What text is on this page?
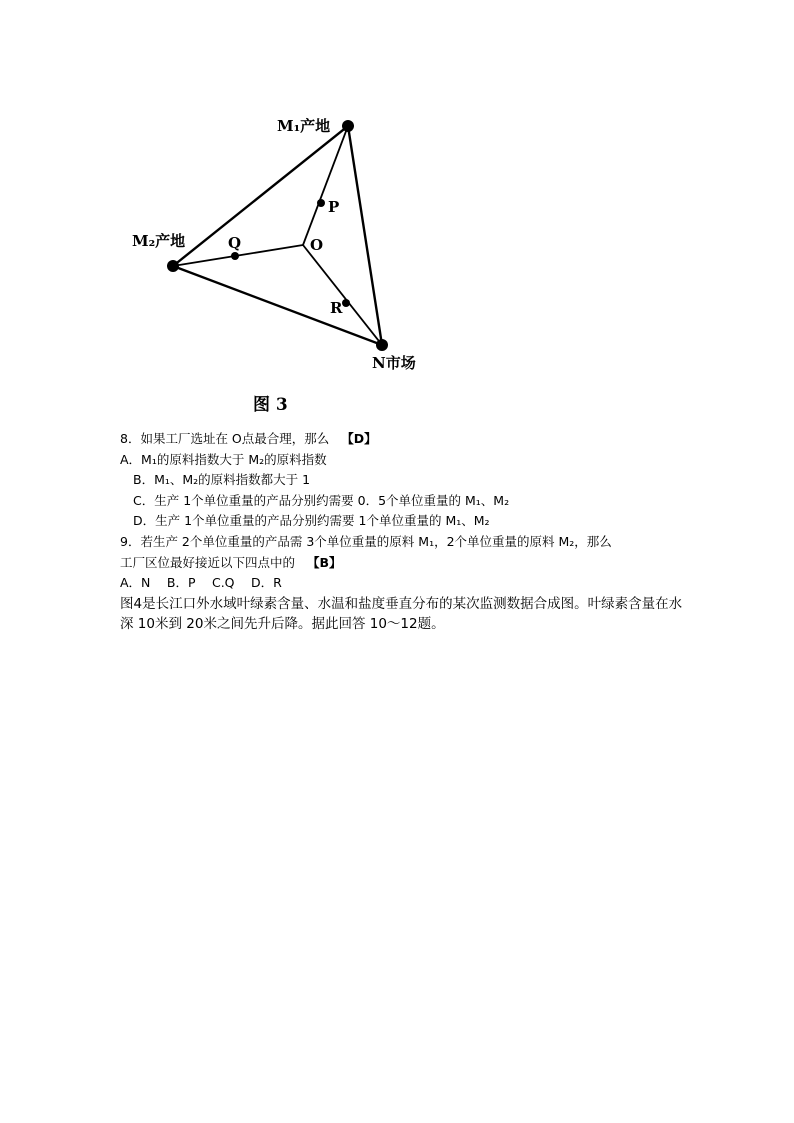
M₁产地
M₂产地
N市场
O
P
Q
R
图 3

8．如果工厂选址在 O点最合理，那么 【D】

A．M₁的原料指数大于 M₂的原料指数

B．M₁、M₂的原料指数都大于 1

C．生产 1个单位重量的产品分别约需要 0．5个单位重量的 M₁、M₂

D．生产 1个单位重量的产品分别约需要 1个单位重量的 M₁、M₂

9．若生产 2个单位重量的产品需 3个单位重量的原料 M₁，2个单位重量的原料 M₂，那么

工厂区位最好接近以下四点中的 【B】

A．N　 B．P　 C.Q　 D．R

图4是长江口外水域叶绿素含量、水温和盐度垂直分布的某次监测数据合成图。叶绿素含量在水深 10米到 20米之间先升后降。据此回答 10～12题。
